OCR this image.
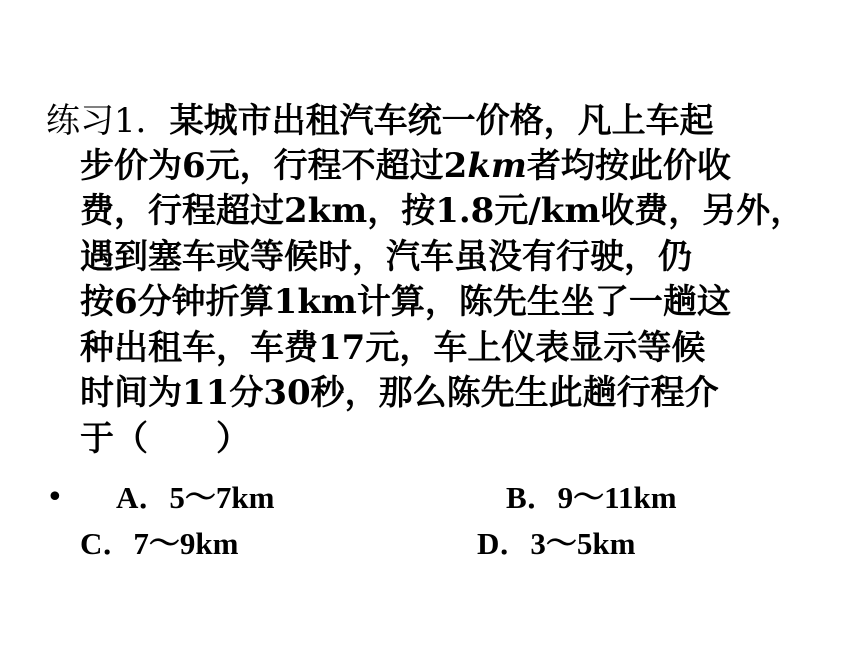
练习1．某城市出租汽车统一价格，凡上车起
步价为6元，行程不超过2km者均按此价收
费，行程超过2km，按1.8元/km收费，另外，
遇到塞车或等候时，汽车虽没有行驶，仍
按6分钟折算1km计算，陈先生坐了一趟这
种出租车，车费17元，车上仪表显示等候
时间为11分30秒，那么陈先生此趟行程介
于（　　）
• A．5～7km	B．9～11km
C．7～9km	D．3～5km
